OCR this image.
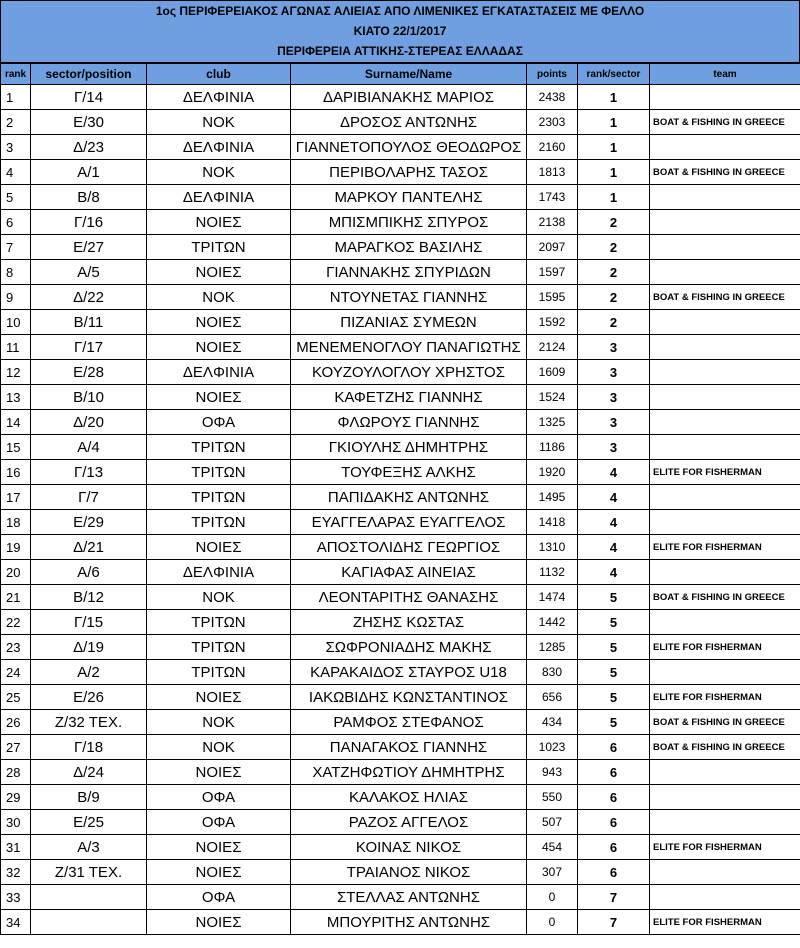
1ος ΠΕΡΙΦΕΡΕΙΑΚΟΣ ΑΓΩΝΑΣ ΑΛΙΕΙΑΣ ΑΠΟ ΛΙΜΕΝΙΚΕΣ ΕΓΚΑΤΑΣΤΑΣΕΙΣ ΜΕ ΦΕΛΛΟ
ΚΙΑΤΟ 22/1/2017
ΠΕΡΙΦΕΡΕΙΑ ΑΤΤΙΚΗΣ-ΣΤΕΡΕΑΣ ΕΛΛΑΔΑΣ
rank	sector/position	club	Surname/Name	points	rank/sector	team
1	Γ/14	ΔΕΛΦΙΝΙΑ	ΔΑΡΙΒΙΑΝΑΚΗΣ ΜΑΡΙΟΣ	2438	1	
2	Ε/30	ΝΟΚ	ΔΡΟΣΟΣ ΑΝΤΩΝΗΣ	2303	1	BOAT & FISHING IN GREECE
3	Δ/23	ΔΕΛΦΙΝΙΑ	ΓΙΑΝΝΕΤΟΠΟΥΛΟΣ ΘΕΟΔΩΡΟΣ	2160	1	
4	Α/1	ΝΟΚ	ΠΕΡΙΒΟΛΑΡΗΣ ΤΑΣΟΣ	1813	1	BOAT & FISHING IN GREECE
5	Β/8	ΔΕΛΦΙΝΙΑ	ΜΑΡΚΟΥ ΠΑΝΤΕΛΗΣ	1743	1	
6	Γ/16	ΝΟΙΕΣ	ΜΠΙΣΜΠΙΚΗΣ ΣΠΥΡΟΣ	2138	2	
7	Ε/27	ΤΡΙΤΩΝ	ΜΑΡΑΓΚΟΣ ΒΑΣΙΛΗΣ	2097	2	
8	Α/5	ΝΟΙΕΣ	ΓΙΑΝΝΑΚΗΣ ΣΠΥΡΙΔΩΝ	1597	2	
9	Δ/22	ΝΟΚ	ΝΤΟΥΝΕΤΑΣ ΓΙΑΝΝΗΣ	1595	2	BOAT & FISHING IN GREECE
10	Β/11	ΝΟΙΕΣ	ΠΙΖΑΝΙΑΣ ΣΥΜΕΩΝ	1592	2	
11	Γ/17	ΝΟΙΕΣ	ΜΕΝΕΜΕΝΟΓΛΟΥ ΠΑΝΑΓΙΩΤΗΣ	2124	3	
12	Ε/28	ΔΕΛΦΙΝΙΑ	ΚΟΥΖΟΥΛΟΓΛΟΥ ΧΡΗΣΤΟΣ	1609	3	
13	Β/10	ΝΟΙΕΣ	ΚΑΦΕΤΖΗΣ ΓΙΑΝΝΗΣ	1524	3	
14	Δ/20	ΟΦΑ	ΦΛΩΡΟΥΣ ΓΙΑΝΝΗΣ	1325	3	
15	Α/4	ΤΡΙΤΩΝ	ΓΚΙΟΥΛΗΣ ΔΗΜΗΤΡΗΣ	1186	3	
16	Γ/13	ΤΡΙΤΩΝ	ΤΟΥΦΕΞΗΣ ΑΛΚΗΣ	1920	4	ELITE FOR FISHERMAN
17	Γ/7	ΤΡΙΤΩΝ	ΠΑΠΙΔΑΚΗΣ ΑΝΤΩΝΗΣ	1495	4	
18	Ε/29	ΤΡΙΤΩΝ	ΕΥΑΓΓΕΛΑΡΑΣ ΕΥΑΓΓΕΛΟΣ	1418	4	
19	Δ/21	ΝΟΙΕΣ	ΑΠΟΣΤΟΛΙΔΗΣ ΓΕΩΡΓΙΟΣ	1310	4	ELITE FOR FISHERMAN
20	Α/6	ΔΕΛΦΙΝΙΑ	ΚΑΓΙΑΦΑΣ ΑΙΝΕΙΑΣ	1132	4	
21	Β/12	ΝΟΚ	ΛΕΟΝΤΑΡΙΤΗΣ ΘΑΝΑΣΗΣ	1474	5	BOAT & FISHING IN GREECE
22	Γ/15	ΤΡΙΤΩΝ	ΖΗΣΗΣ ΚΩΣΤΑΣ	1442	5	
23	Δ/19	ΤΡΙΤΩΝ	ΣΩΦΡΟΝΙΑΔΗΣ ΜΑΚΗΣ	1285	5	ELITE FOR FISHERMAN
24	Α/2	ΤΡΙΤΩΝ	ΚΑΡΑΚΑΙΔΟΣ ΣΤΑΥΡΟΣ U18	830	5	
25	Ε/26	ΝΟΙΕΣ	ΙΑΚΩΒΙΔΗΣ ΚΩΝΣΤΑΝΤΙΝΟΣ	656	5	ELITE FOR FISHERMAN
26	Ζ/32 ΤΕΧ.	ΝΟΚ	ΡΑΜΦΟΣ ΣΤΕΦΑΝΟΣ	434	5	BOAT & FISHING IN GREECE
27	Γ/18	ΝΟΚ	ΠΑΝΑΓΑΚΟΣ ΓΙΑΝΝΗΣ	1023	6	BOAT & FISHING IN GREECE
28	Δ/24	ΝΟΙΕΣ	ΧΑΤΖΗΦΩΤΙΟΥ ΔΗΜΗΤΡΗΣ	943	6	
29	Β/9	ΟΦΑ	ΚΑΛΑΚΟΣ ΗΛΙΑΣ	550	6	
30	Ε/25	ΟΦΑ	ΡΑΖΟΣ ΑΓΓΕΛΟΣ	507	6	
31	Α/3	ΝΟΙΕΣ	ΚΟΙΝΑΣ ΝΙΚΟΣ	454	6	ELITE FOR FISHERMAN
32	Ζ/31 ΤΕΧ.	ΝΟΙΕΣ	ΤΡΑΙΑΝΟΣ ΝΙΚΟΣ	307	6	
33		ΟΦΑ	ΣΤΕΛΛΑΣ ΑΝΤΩΝΗΣ	0	7	
34		ΝΟΙΕΣ	ΜΠΟΥΡΙΤΗΣ ΑΝΤΩΝΗΣ	0	7	ELITE FOR FISHERMAN
